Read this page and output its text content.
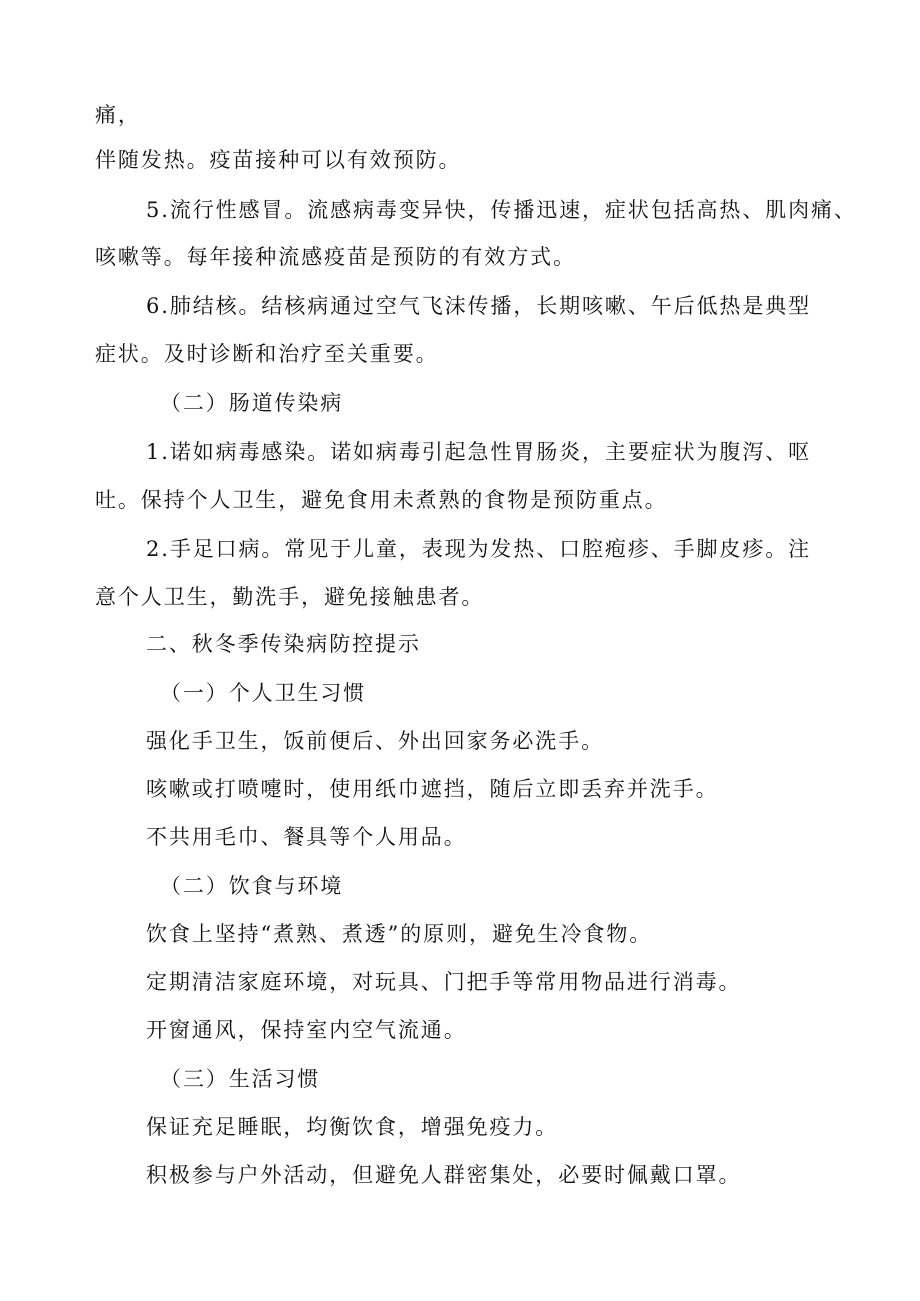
痛，
伴随发热。疫苗接种可以有效预防。
5.流行性感冒。流感病毒变异快，传播迅速，症状包括高热、肌肉痛、
咳嗽等。每年接种流感疫苗是预防的有效方式。
6.肺结核。结核病通过空气飞沫传播，长期咳嗽、午后低热是典型
症状。及时诊断和治疗至关重要。
（二）肠道传染病
1.诺如病毒感染。诺如病毒引起急性胃肠炎，主要症状为腹泻、呕
吐。保持个人卫生，避免食用未煮熟的食物是预防重点。
2.手足口病。常见于儿童，表现为发热、口腔疱疹、手脚皮疹。注
意个人卫生，勤洗手，避免接触患者。
二、秋冬季传染病防控提示
（一）个人卫生习惯
强化手卫生，饭前便后、外出回家务必洗手。
咳嗽或打喷嚏时，使用纸巾遮挡，随后立即丢弃并洗手。
不共用毛巾、餐具等个人用品。
（二）饮食与环境
饮食上坚持“煮熟、煮透”的原则，避免生冷食物。
定期清洁家庭环境，对玩具、门把手等常用物品进行消毒。
开窗通风，保持室内空气流通。
（三）生活习惯
保证充足睡眠，均衡饮食，增强免疫力。
积极参与户外活动，但避免人群密集处，必要时佩戴口罩。
